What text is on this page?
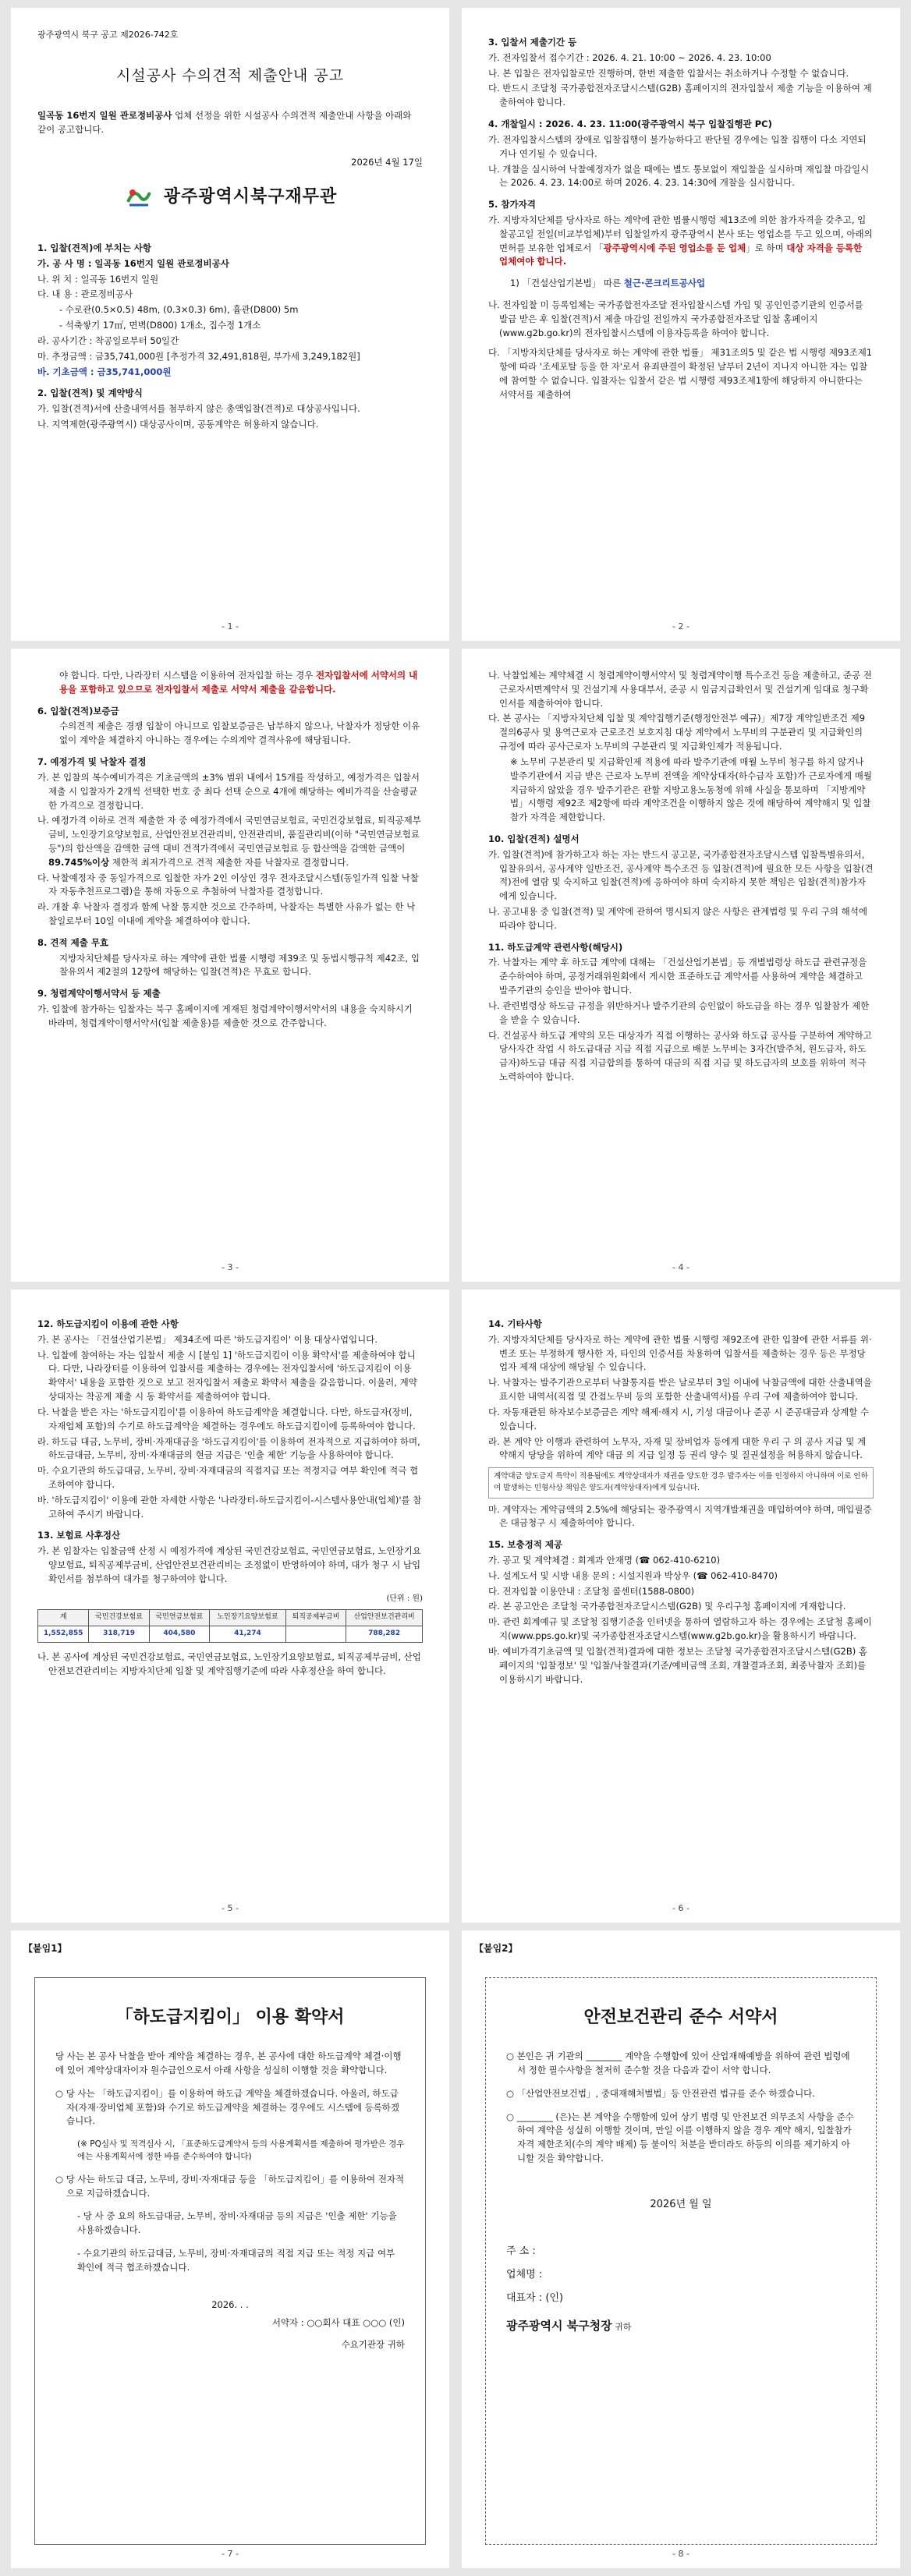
광주광역시 북구 공고 제2026-742호
시설공사 수의견적 제출안내 공고

일곡동 16번지 일원 관로정비공사 업체 선정을 위한 시설공사 수의견적 제출안내 사항을 아래와 같이 공고합니다.

2026년 4월 17일
광주광역시북구재무관
1. 입찰(견적)에 부치는 사항

가. 공 사 명 : 일곡동 16번지 일원 관로정비공사

나. 위 치 : 일곡동 16번지 일원

다. 내 용 : 관로정비공사

- 수로관(0.5×0.5) 48m, (0.3×0.3) 6m), 흄관(D800) 5m

- 석축쌓기 17㎡, 면벽(D800) 1개소, 집수정 1개소

라. 공사기간 : 착공일로부터 50일간

마. 추정금액 : 금35,741,000원 [추정가격 32,491,818원, 부가세 3,249,182원]

바. 기초금액 : 금35,741,000원

2. 입찰(견적) 및 계약방식

가. 입찰(견적)서에 산출내역서를 첨부하지 않은 총액입찰(견적)로 대상공사입니다.

나. 지역제한(광주광역시) 대상공사이며, 공동계약은 허용하지 않습니다.

- 1 -
3. 입찰서 제출기간 등

가. 전자입찰서 접수기간 : 2026. 4. 21. 10:00 ~ 2026. 4. 23. 10:00

나. 본 입찰은 전자입찰로만 진행하며, 한번 제출한 입찰서는 취소하거나 수정할 수 없습니다.

다. 반드시 조달청 국가종합전자조달시스템(G2B) 홈페이지의 전자입찰서 제출 기능을 이용하여 제출하여야 합니다.

4. 개찰일시 : 2026. 4. 23. 11:00(광주광역시 북구 입찰집행관 PC)

가. 전자입찰시스템의 장애로 입찰집행이 불가능하다고 판단될 경우에는 입찰 집행이 다소 지연되거나 연기될 수 있습니다.

나. 개찰을 실시하여 낙찰예정자가 없을 때에는 별도 통보없이 재입찰을 실시하며 재입찰 마감일시는 2026. 4. 23. 14:00로 하며 2026. 4. 23. 14:30에 개찰을 실시합니다.

5. 참가자격

가. 지방자치단체를 당사자로 하는 계약에 관한 법률시행령 제13조에 의한 참가자격을 갖추고, 입찰공고일 전일(비교부업체)부터 입찰일까지 광주광역시 본사 또는 영업소를 두고 있으며, 아래의 면허를 보유한 업체로서 「광주광역시에 주된 영업소를 둔 업체」로 하며 대상 자격을 등록한 업체여야 합니다.

1) 「건설산업기본법」 따른 철근·콘크리트공사업

나. 전자입찰 미 등록업체는 국가종합전자조달 전자입찰시스템 가입 및 공인인증기관의 인증서를 발급 받은 후 입찰(견적)서 제출 마감일 전일까지 국가종합전자조달 입찰 홈페이지(www.g2b.go.kr)의 전자입찰시스템에 이용자등록을 하여야 합니다.

다. 「지방자치단체를 당사자로 하는 계약에 관한 법률」 제31조의5 및 같은 법 시행령 제93조제1항에 따라 '조세포탈 등을 한 자'로서 유죄판결이 확정된 날부터 2년이 지나지 아니한 자는 입찰에 참여할 수 없습니다. 입찰자는 입찰서 같은 법 시행령 제93조제1항에 해당하지 아니한다는 서약서를 제출하여

- 2 -

야 합니다. 다만, 나라장터 시스템을 이용하여 전자입찰 하는 경우 전자입찰서에 서약서의 내용을 포함하고 있으므로 전자입찰서 제출로 서약서 제출을 갈음합니다.

6. 입찰(견적)보증금

수의견적 제출은 경쟁 입찰이 아니므로 입찰보증금은 납부하지 않으나, 낙찰자가 정당한 이유 없이 계약을 체결하지 아니하는 경우에는 수의계약 결격사유에 해당됩니다.

7. 예정가격 및 낙찰자 결정

가. 본 입찰의 복수예비가격은 기초금액의 ±3% 범위 내에서 15개를 작성하고, 예정가격은 입찰서 제출 시 입찰자가 2개씩 선택한 번호 중 최다 선택 순으로 4개에 해당하는 예비가격을 산술평균한 가격으로 결정합니다.

나. 예정가격 이하로 견적 제출한 자 중 예정가격에서 국민연금보험료, 국민건강보험료, 퇴직공제부금비, 노인장기요양보험료, 산업안전보건관리비, 안전관리비, 품질관리비(이하 "국민연금보험료 등")의 합산액을 감액한 금액 대비 견적가격에서 국민연금보험료 등 합산액을 감액한 금액이 89.745%이상 제한적 최저가격으로 견적 제출한 자를 낙찰자로 결정합니다.

다. 낙찰예정자 중 동일가격으로 입찰한 자가 2인 이상인 경우 전자조달시스템(동일가격 입찰 낙찰자 자동추천프로그램)을 통해 자동으로 추첨하여 낙찰자를 결정합니다.

라. 개찰 후 낙찰자 결정과 함께 낙찰 통지한 것으로 간주하며, 낙찰자는 특별한 사유가 없는 한 낙찰일로부터 10일 이내에 계약을 체결하여야 합니다.

8. 견적 제출 무효

지방자치단체를 당사자로 하는 계약에 관한 법률 시행령 제39조 및 동법시행규칙 제42조, 입찰유의서 제2절의 12항에 해당하는 입찰(견적)은 무효로 합니다.

9. 청렴계약이행서약서 등 제출

가. 입찰에 참가하는 입찰자는 북구 홈페이지에 게재된 청렴계약이행서약서의 내용을 숙지하시기 바라며, 청렴계약이행서약서(입찰 제출용)를 제출한 것으로 간주합니다.

- 3 -

나. 낙찰업체는 계약체결 시 청렴계약이행서약서 및 청렴계약이행 특수조건 등을 제출하고, 준공 전 근로자서면계약서 및 건설기계 사용대부서, 준공 시 임금지급확인서 및 건설기계 임대료 청구확인서를 제출하여야 합니다.

다. 본 공사는 「지방자치단체 입찰 및 계약집행기준(행정안전부 예규)」제7장 계약일반조건 제9절의6공사 및 용역근로자 근로조건 보호지침 대상 계약에서 노무비의 구분관리 및 지급확인의 규정에 따라 공사근로자 노무비의 구분관리 및 지급확인제가 적용됩니다.

※ 노무비 구분관리 및 지급확인제 적용에 따라 발주기관에 매월 노무비 청구를 하지 않거나 발주기관에서 지급 받은 근로자 노무비 전액을 계약상대자(하수급자 포함)가 근로자에게 매월 지급하지 않았을 경우 발주기관은 관할 지방고용노동청에 위해 사실을 통보하며 「지방계약법」시행령 제92조 제2항에 따라 계약조건을 이행하지 않은 것에 해당하여 계약해지 및 입찰 참가 자격을 제한합니다.

10. 입찰(견적) 설명서

가. 입찰(견적)에 참가하고자 하는 자는 반드시 공고문, 국가종합전자조달시스템 입찰특별유의서, 입찰유의서, 공사계약 일반조건, 공사계약 특수조건 등 입찰(견적)에 필요한 모든 사항을 입찰(견적)전에 열람 및 숙지하고 입찰(견적)에 응하여야 하며 숙지하지 못한 책임은 입찰(견적)참가자에게 있습니다.

나. 공고내용 중 입찰(견적) 및 계약에 관하여 명시되지 않은 사항은 관계법령 및 우리 구의 해석에 따라야 합니다.

11. 하도급계약 관련사항(해당시)

가. 낙찰자는 계약 후 하도급 계약에 대해는 「건설산업기본법」등 개별법령상 하도급 관련규정을 준수하여야 하며, 공정거래위원회에서 게시한 표준하도급 계약서를 사용하여 계약을 체결하고 발주기관의 승인을 받아야 합니다.

나. 관련법령상 하도급 규정을 위반하거나 발주기관의 승인없이 하도급을 하는 경우 입찰참가 제한을 받을 수 있습니다.

다. 건설공사 하도급 계약의 모든 대상자가 직접 이행하는 공사와 하도급 공사를 구분하여 계약하고 당사자간 작업 시 하도급대금 지급 직접 지급으로 배분 노무비는 3자간(발주처, 원도급자, 하도급자)하도급 대금 직접 지급합의를 통하여 대금의 직접 지급 및 하도급자의 보호를 위하여 적극 노력하여야 합니다.

- 4 -
12. 하도급지킴이 이용에 관한 사항

가. 본 공사는 「건설산업기본법」 제34조에 따른 '하도급지킴이' 이용 대상사업입니다.

나. 입찰에 참여하는 자는 입찰서 제출 시 [붙임 1] '하도급지킴이 이용 확약서'를 제출하여야 합니다. 다만, 나라장터를 이용하여 입찰서를 제출하는 경우에는 전자입찰서에 '하도급지킴이 이용 확약서' 내용을 포함한 것으로 보고 전자입찰서 제출로 확약서 제출을 갈음합니다. 이울러, 계약상대자는 착공계 제출 시 동 확약서를 제출하여야 합니다.

다. 낙찰을 받은 자는 '하도급지킴이'를 이용하여 하도급계약을 체결합니다. 다만, 하도급자(장비, 자재업체 포함)의 수기로 하도급계약을 체결하는 경우에도 하도급지킴이에 등록하여야 합니다.

라. 하도급 대금, 노무비, 장비·자재대금을 '하도급지킴이'를 이용하여 전자적으로 지급하여야 하며, 하도급대금, 노무비, 장비·자재대금의 현금 지급은 '인출 제한' 기능을 사용하여야 합니다.

마. 수요기관의 하도급대금, 노무비, 장비·자재대금의 직접지급 또는 적정지급 여부 확인에 적극 협조하여야 합니다.

바. '하도급지킴이' 이용에 관한 자세한 사항은 '나라장터-하도급지킴이-시스템사용안내(업체)'를 참고하여 주시기 바랍니다.

13. 보험료 사후정산

가. 본 입찰자는 입찰금액 산정 시 예정가격에 계상된 국민건강보험료, 국민연금보험료, 노인장기요양보험료, 퇴직공제부금비, 산업안전보건관리비는 조정없이 반영하여야 하며, 대가 청구 시 납입확인서를 첨부하여 대가를 청구하여야 합니다.

(단위 : 원)
계	국민건강보험료	국민연금보험료	노인장기요양보험료	퇴직공제부금비	산업안전보건관리비
1,552,855	318,719	404,580	41,274		788,282

나. 본 공사에 계상된 국민건강보험료, 국민연금보험료, 노인장기요양보험료, 퇴직공제부금비, 산업안전보건관리비는 지방자치단체 입찰 및 계약집행기준에 따라 사후정산을 하여 합니다.

- 5 -
14. 기타사항

가. 지방자치단체를 당사자로 하는 계약에 관한 법률 시행령 제92조에 관한 입찰에 관한 서류를 위·변조 또는 부정하게 행사한 자, 타인의 인증서를 차용하여 입찰서를 제출하는 경우 등은 부정당업자 제재 대상에 해당될 수 있습니다.

나. 낙찰자는 발주기관으로부터 낙찰통지를 받은 날로부터 3일 이내에 낙찰금액에 대한 산출내역을 표시한 내역서(직접 및 간접노무비 등의 포함한 산출내역서)를 우리 구에 제출하여야 합니다.

다. 자동재관된 하자보수보증금은 계약 해제·해지 시, 기성 대금이나 준공 시 준공대금과 상계할 수 있습니다.

라. 본 계약 안 이행과 관련하여 노무자, 자재 및 장비업자 등에게 대한 우리 구 의 공사 지급 및 계약해지 당당을 위하여 계약 대금 의 지급 일정 등 권리 양수 및 질권설정을 허용하지 않습니다.

계약대금 양도금지 특약이 적용됨에도 계약상대자가 채권을 양도한 경우 발주자는 이를 인정하지 아니하며 이로 인하여 발생하는 민형사상 책임은 양도자(계약상대자)에게 있습니다.

마. 계약자는 계약금액의 2.5%에 해당되는 광주광역시 지역개발채권을 매입하여야 하며, 매입필증은 대금청구 시 제출하여야 합니다.

15. 보충정적 제공

가. 공고 및 계약체결 : 회계과 안재명 (☎ 062-410-6210)

나. 설계도서 및 시방 내용 문의 : 시설지원과 박상우 (☎ 062-410-8470)

다. 전자입찰 이용안내 : 조달청 콜센터(1588-0800)

라. 본 공고안은 조달청 국가종합전자조달시스템(G2B) 및 우리구청 홈페이지에 게재합니다.

마. 관련 회계예규 및 조달청 집행기준을 인터넷을 통하여 열람하고자 하는 경우에는 조달청 홈페이지(www.pps.go.kr)및 국가종합전자조달시스템(www.g2b.go.kr)을 활용하시기 바랍니다.

바. 예비가격기초금액 및 입찰(견적)결과에 대한 정보는 조달청 국가종합전자조달시스템(G2B) 홈페이지의 '입찰정보' 및 '입찰/낙찰결과(기준/예비금액 조회, 개찰결과조회, 최종낙찰자 조회)를 이용하시기 바랍니다.

- 6 -
【붙임1】
「하도급지킴이」 이용 확약서

당 사는 본 공사 낙찰을 받아 계약을 체결하는 경우, 본 공사에 대한 하도급계약 체결·이행에 있어 계약상대자이자 원수급인으로서 아래 사항을 성실히 이행할 것을 확약합니다.

○ 당 사는 「하도급지킴이」를 이용하여 하도급 계약을 체결하겠습니다. 아울러, 하도급자(자재·장비업체 포함)와 수기로 하도급계약을 체결하는 경우에도 시스템에 등록하겠습니다.

(※ PQ심사 및 적격심사 시, 「표준하도급계약서 등의 사용계획서를 제출하여 평가받은 경우에는 사용계획서에 정한 바를 준수하여야 합니다)

○ 당 사는 하도급 대금, 노무비, 장비·자재대금 등을 「하도급지킴이」를 이용하여 전자적으로 지급하겠습니다.

- 당 사 중 요의 하도급대금, 노무비, 장비·자재대금 등의 지급은 '인출 제한' 기능을 사용하겠습니다.

- 수요기관의 하도급대금, 노무비, 장비·자재대금의 직접 지급 또는 적정 지급 여부 확인에 적극 협조하겠습니다.

2026. . .
서약자 : ○○회사 대표 ○○○ (인)
수요기관장 귀하
- 7 -
【붙임2】
안전보건관리 준수 서약서

○ 본인은 귀 기관의 ________ 계약을 수행함에 있어 산업재해예방을 위하여 관련 법령에서 정한 필수사항을 철저히 준수할 것을 다음과 같이 서약 합니다.

○ 「산업안전보건법」, 중대재해처벌법」등 안전관련 법규를 준수 하겠습니다.

○ ________ (은)는 본 계약을 수행함에 있어 상기 법령 및 안전보건 의무조치 사항을 준수하여 계약을 성실히 이행할 것이며, 만일 이를 이행하지 않을 경우 계약 해지, 입찰참가자격 제한조치(수의 계약 배제) 등 불이익 처분을 받더라도 하등의 이의를 제기하지 아니할 것을 확약합니다.

2026년 월 일
주 소 :
업체명 :
대표자 : (인)
광주광역시 북구청장 귀하
- 8 -
